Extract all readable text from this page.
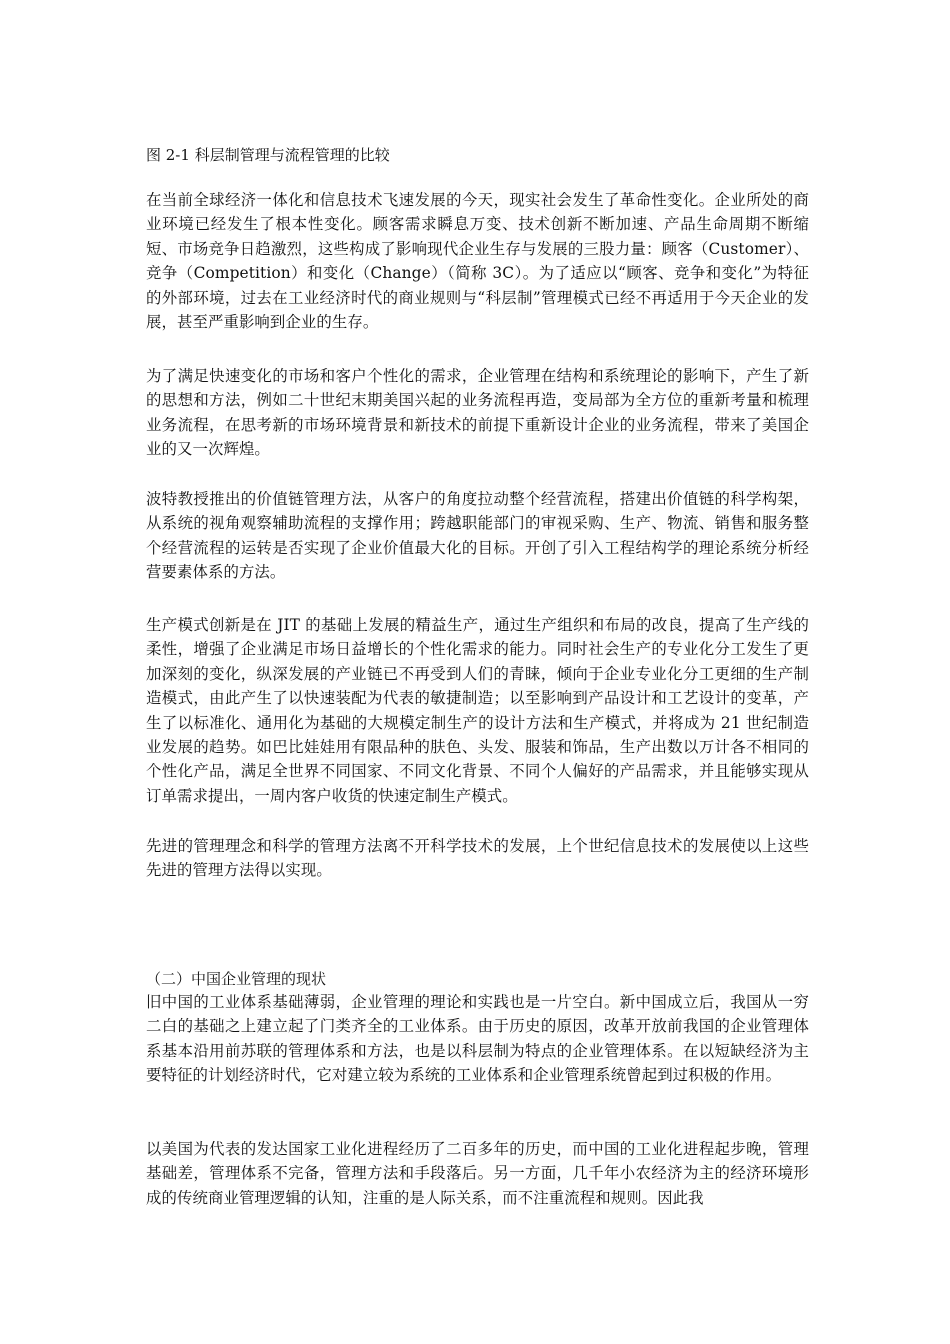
图 2-1 科层制管理与流程管理的比较

在当前全球经济一体化和信息技术飞速发展的今天，现实社会发生了革命性变化。企业所处的商业环境已经发生了根本性变化。顾客需求瞬息万变、技术创新不断加速、产品生命周期不断缩短、市场竞争日趋激烈，这些构成了影响现代企业生存与发展的三股力量：顾客（Customer）、竞争（Competition）和变化（Change）（简称 3C）。为了适应以“顾客、竞争和变化”为特征的外部环境，过去在工业经济时代的商业规则与“科层制”管理模式已经不再适用于今天企业的发展，甚至严重影响到企业的生存。

为了满足快速变化的市场和客户个性化的需求，企业管理在结构和系统理论的影响下，产生了新的思想和方法，例如二十世纪末期美国兴起的业务流程再造，变局部为全方位的重新考量和梳理业务流程，在思考新的市场环境背景和新技术的前提下重新设计企业的业务流程，带来了美国企业的又一次辉煌。

波特教授推出的价值链管理方法，从客户的角度拉动整个经营流程，搭建出价值链的科学构架，从系统的视角观察辅助流程的支撑作用；跨越职能部门的审视采购、生产、物流、销售和服务整个经营流程的运转是否实现了企业价值最大化的目标。开创了引入工程结构学的理论系统分析经营要素体系的方法。

生产模式创新是在 JIT 的基础上发展的精益生产，通过生产组织和布局的改良，提高了生产线的柔性，增强了企业满足市场日益增长的个性化需求的能力。同时社会生产的专业化分工发生了更加深刻的变化，纵深发展的产业链已不再受到人们的青睐，倾向于企业专业化分工更细的生产制造模式，由此产生了以快速装配为代表的敏捷制造；以至影响到产品设计和工艺设计的变革，产生了以标准化、通用化为基础的大规模定制生产的设计方法和生产模式，并将成为 21 世纪制造业发展的趋势。如巴比娃娃用有限品种的肤色、头发、服装和饰品，生产出数以万计各不相同的个性化产品，满足全世界不同国家、不同文化背景、不同个人偏好的产品需求，并且能够实现从订单需求提出，一周内客户收货的快速定制生产模式。

先进的管理理念和科学的管理方法离不开科学技术的发展，上个世纪信息技术的发展使以上这些先进的管理方法得以实现。

（二）中国企业管理的现状

旧中国的工业体系基础薄弱，企业管理的理论和实践也是一片空白。新中国成立后，我国从一穷二白的基础之上建立起了门类齐全的工业体系。由于历史的原因，改革开放前我国的企业管理体系基本沿用前苏联的管理体系和方法，也是以科层制为特点的企业管理体系。在以短缺经济为主要特征的计划经济时代，它对建立较为系统的工业体系和企业管理系统曾起到过积极的作用。

以美国为代表的发达国家工业化进程经历了二百多年的历史，而中国的工业化进程起步晚，管理基础差，管理体系不完备，管理方法和手段落后。另一方面，几千年小农经济为主的经济环境形成的传统商业管理逻辑的认知，注重的是人际关系，而不注重流程和规则。因此我
